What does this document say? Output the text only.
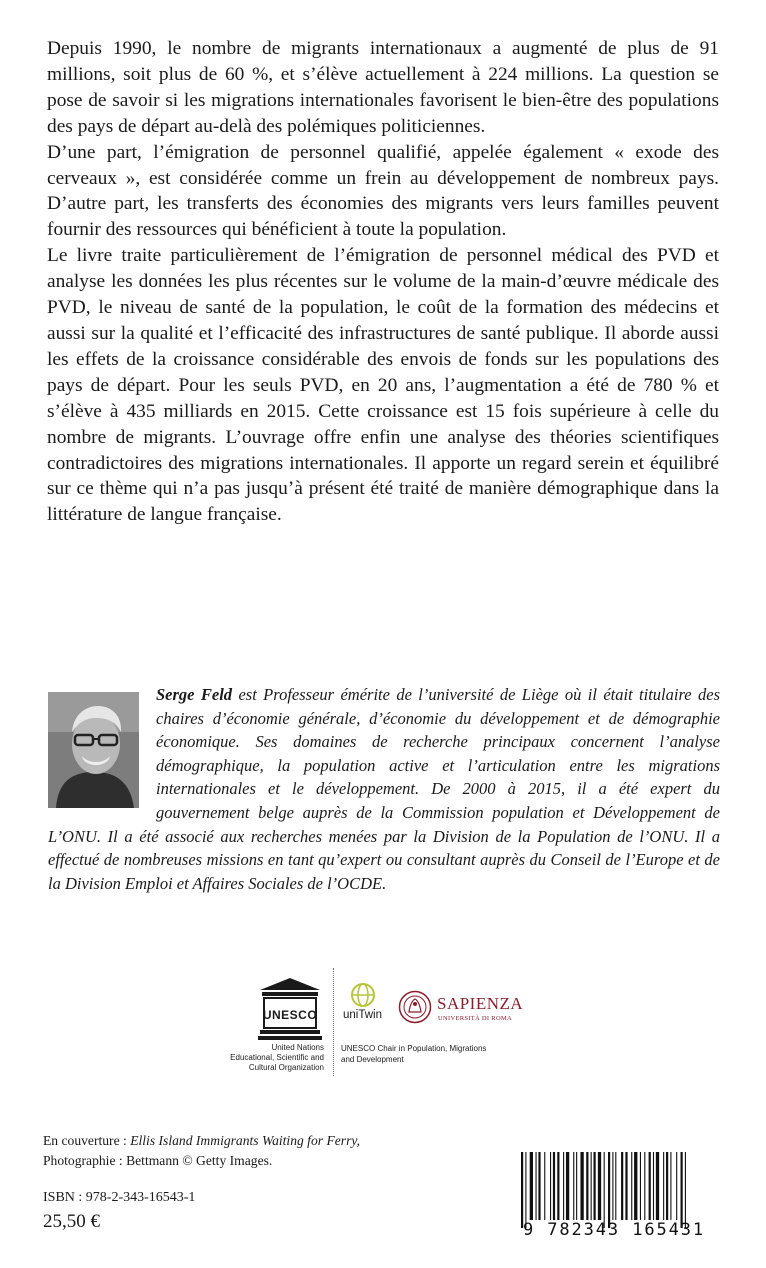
Depuis 1990, le nombre de migrants internationaux a augmenté de plus de 91 millions, soit plus de 60 %, et s’élève actuellement à 224 millions. La question se pose de savoir si les migrations internationales favorisent le bien-être des populations des pays de départ au-delà des polémiques politiciennes.

D’une part, l’émigration de personnel qualifié, appelée également « exode des cerveaux », est considérée comme un frein au développement de nombreux pays. D’autre part, les transferts des économies des migrants vers leurs familles peuvent fournir des ressources qui bénéficient à toute la population.

Le livre traite particulièrement de l’émigration de personnel médical des PVD et analyse les données les plus récentes sur le volume de la main-d’œuvre médicale des PVD, le niveau de santé de la population, le coût de la formation des médecins et aussi sur la qualité et l’efficacité des infrastructures de santé publique. Il aborde aussi les effets de la croissance considérable des envois de fonds sur les populations des pays de départ. Pour les seuls PVD, en 20 ans, l’augmentation a été de 780 % et s’élève à 435 milliards en 2015. Cette croissance est 15 fois supérieure à celle du nombre de migrants. L’ouvrage offre enfin une analyse des théories scientifiques contradictoires des migrations internationales. Il apporte un regard serein et équilibré sur ce thème qui n’a pas jusqu’à présent été traité de manière démographique dans la littérature de langue française.

Serge Feld est Professeur émérite de l’université de Liège où il était titulaire des chaires d’économie générale, d’économie du développement et de démographie économique. Ses domaines de recherche principaux concernent l’analyse démographique, la population active et l’articulation entre les migrations internationales et le développement. De 2000 à 2015, il a été expert du gouvernement belge auprès de la Commission population et Développement de L’ONU. Il a été associé aux recherches menées par la Division de la Population de l’ONU. Il a effectué de nombreuses missions en tant qu’expert ou consultant auprès du Conseil de l’Europe et de la Division Emploi et Affaires Sociales de l’OCDE.
UNESCO
United Nations
Educational, Scientific and
Cultural Organization
uniTwin
SAPIENZA
UNIVERSITÀ DI ROMA
UNESCO Chair in Population, Migrations
and Development
En couverture : Ellis Island Immigrants Waiting for Ferry,
Photographie : Bettmann © Getty Images.
ISBN : 978-2-343-16543-1
25,50 €	9 782343 165431
